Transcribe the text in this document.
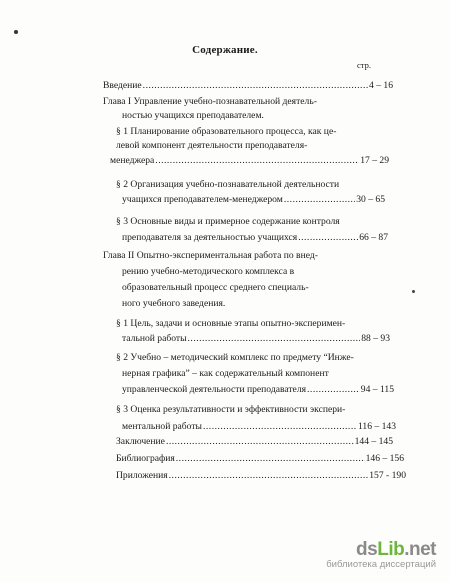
Содержание.
стр.
Введение .....	4 – 16
Глава I Управление учебно-познавательной деятель-
ностью учащихся преподавателем.
§ 1 Планирование образовательного процесса, как це-
левой компонент деятельности преподавателя-
менеджера .....	17 – 29
§ 2 Организация учебно-познавательной деятельности
учащихся преподавателем-менеджером .....	30 – 65
§ 3 Основные виды и примерное содержание контроля
преподавателя за деятельностью учащихся .....	66 – 87
Глава II Опытно-экспериментальная работа по внед-
рению учебно-методического комплекса в
образовательный процесс среднего специаль-
ного учебного заведения.
§ 1 Цель, задачи и основные этапы опытно-эксперимен-
тальной работы .....	88 – 93
§ 2 Учебно – методический комплекс по предмету “Инже-
нерная графика” – как содержательный компонент
управленческой деятельности преподавателя .....	94 – 115
§ 3 Оценка результативности и эффективности экспери-
ментальной работы .....	116 – 143
Заключение .....	144 – 145
Библиография .....	146 – 156
Приложения .....	157 - 190
dsLib.net
библиотека диссертаций
